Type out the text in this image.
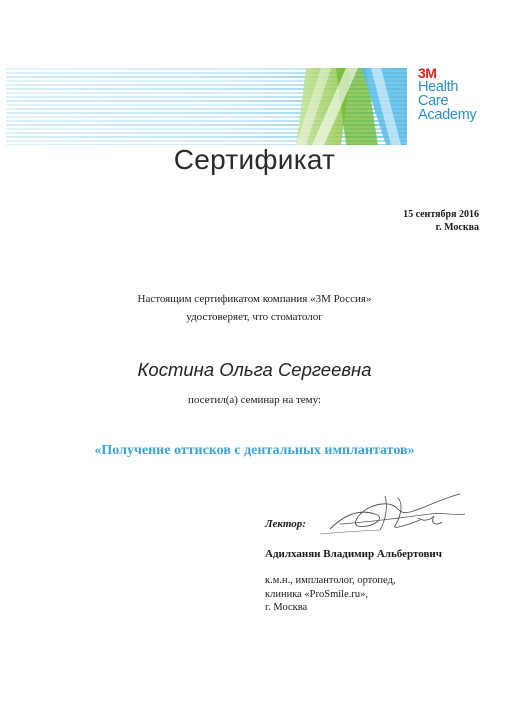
3M
Health
Care
Academy
Сертификат
15 сентября 2016
г. Москва
Настоящим сертификатом компания «3М Россия»
удостоверяет, что стоматолог
Костина Ольга Сергеевна
посетил(а) семинар на тему:
«Получение оттисков с дентальных имплантатов»
Лектор:
Адилханян Владимир Альбертович
к.м.н., имплантолог, ортопед,
клиника «ProSmile.ru»,
г. Москва
